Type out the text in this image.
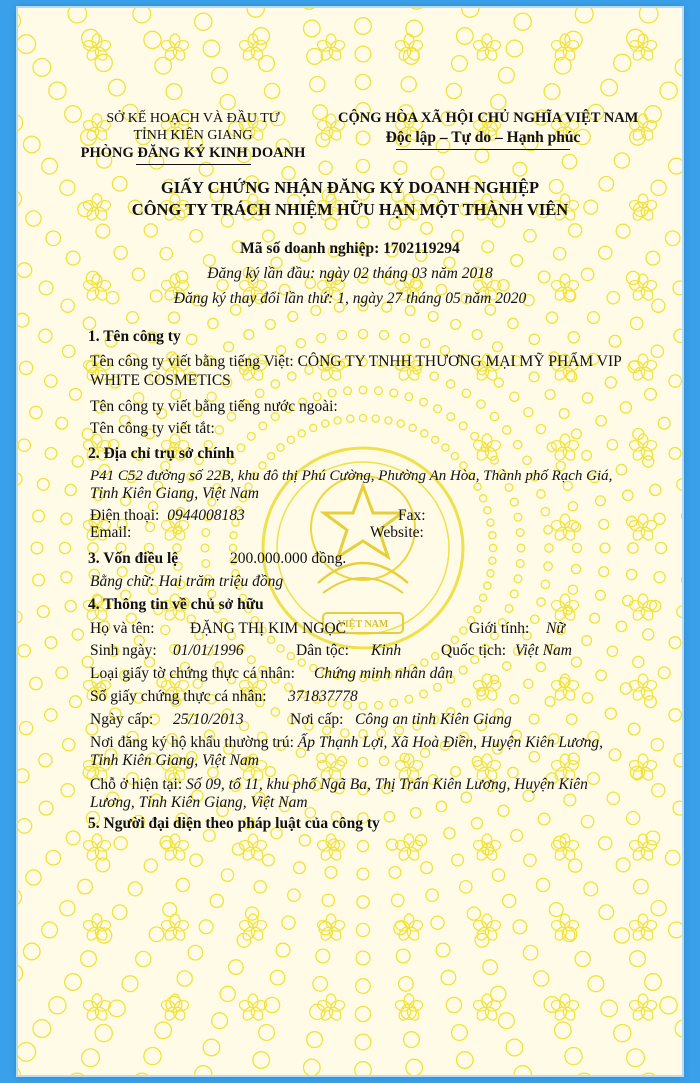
VIỆT NAM
SỞ KẾ HOẠCH VÀ ĐẦU TƯ
TỈNH KIÊN GIANG
PHÒNG ĐĂNG KÝ KINH DOANH
CỘNG HÒA XÃ HỘI CHỦ NGHĨA VIỆT NAM
Độc lập – Tự do – Hạnh phúc
GIẤY CHỨNG NHẬN ĐĂNG KÝ DOANH NGHIỆP
CÔNG TY TRÁCH NHIỆM HỮU HẠN MỘT THÀNH VIÊN
Mã số doanh nghiệp: 1702119294
Đăng ký lần đầu: ngày 02 tháng 03 năm 2018
Đăng ký thay đổi lần thứ: 1, ngày 27 tháng 05 năm 2020
1. Tên công ty
Tên công ty viết bằng tiếng Việt: CÔNG TY TNHH THƯƠNG MẠI MỸ PHẨM VIP
WHITE COSMETICS
Tên công ty viết bằng tiếng nước ngoài:
Tên công ty viết tắt:
2. Địa chỉ trụ sở chính
P41 C52 đường số 22B, khu đô thị Phú Cường, Phường An Hòa, Thành phố Rạch Giá,
Tỉnh Kiên Giang, Việt Nam
Điện thoại: 0944008183	Fax:
Email:	Website:
3. Vốn điều lệ	200.000.000 đồng.
Bằng chữ: Hai trăm triệu đồng
4. Thông tin về chủ sở hữu
Họ và tên: ĐẶNG THỊ KIM NGỌC	Giới tính: Nữ
Sinh ngày: 01/01/1996	Dân tộc: Kinh	Quốc tịch: Việt Nam
Loại giấy tờ chứng thực cá nhân: Chứng minh nhân dân
Số giấy chứng thực cá nhân: 371837778
Ngày cấp: 25/10/2013	Nơi cấp: Công an tỉnh Kiên Giang
Nơi đăng ký hộ khẩu thường trú: Ấp Thạnh Lợi, Xã Hoà Điền, Huyện Kiên Lương,
Tỉnh Kiên Giang, Việt Nam
Chỗ ở hiện tại: Số 09, tổ 11, khu phố Ngã Ba, Thị Trấn Kiên Lương, Huyện Kiên
Lương, Tỉnh Kiên Giang, Việt Nam
5. Người đại diện theo pháp luật của công ty
